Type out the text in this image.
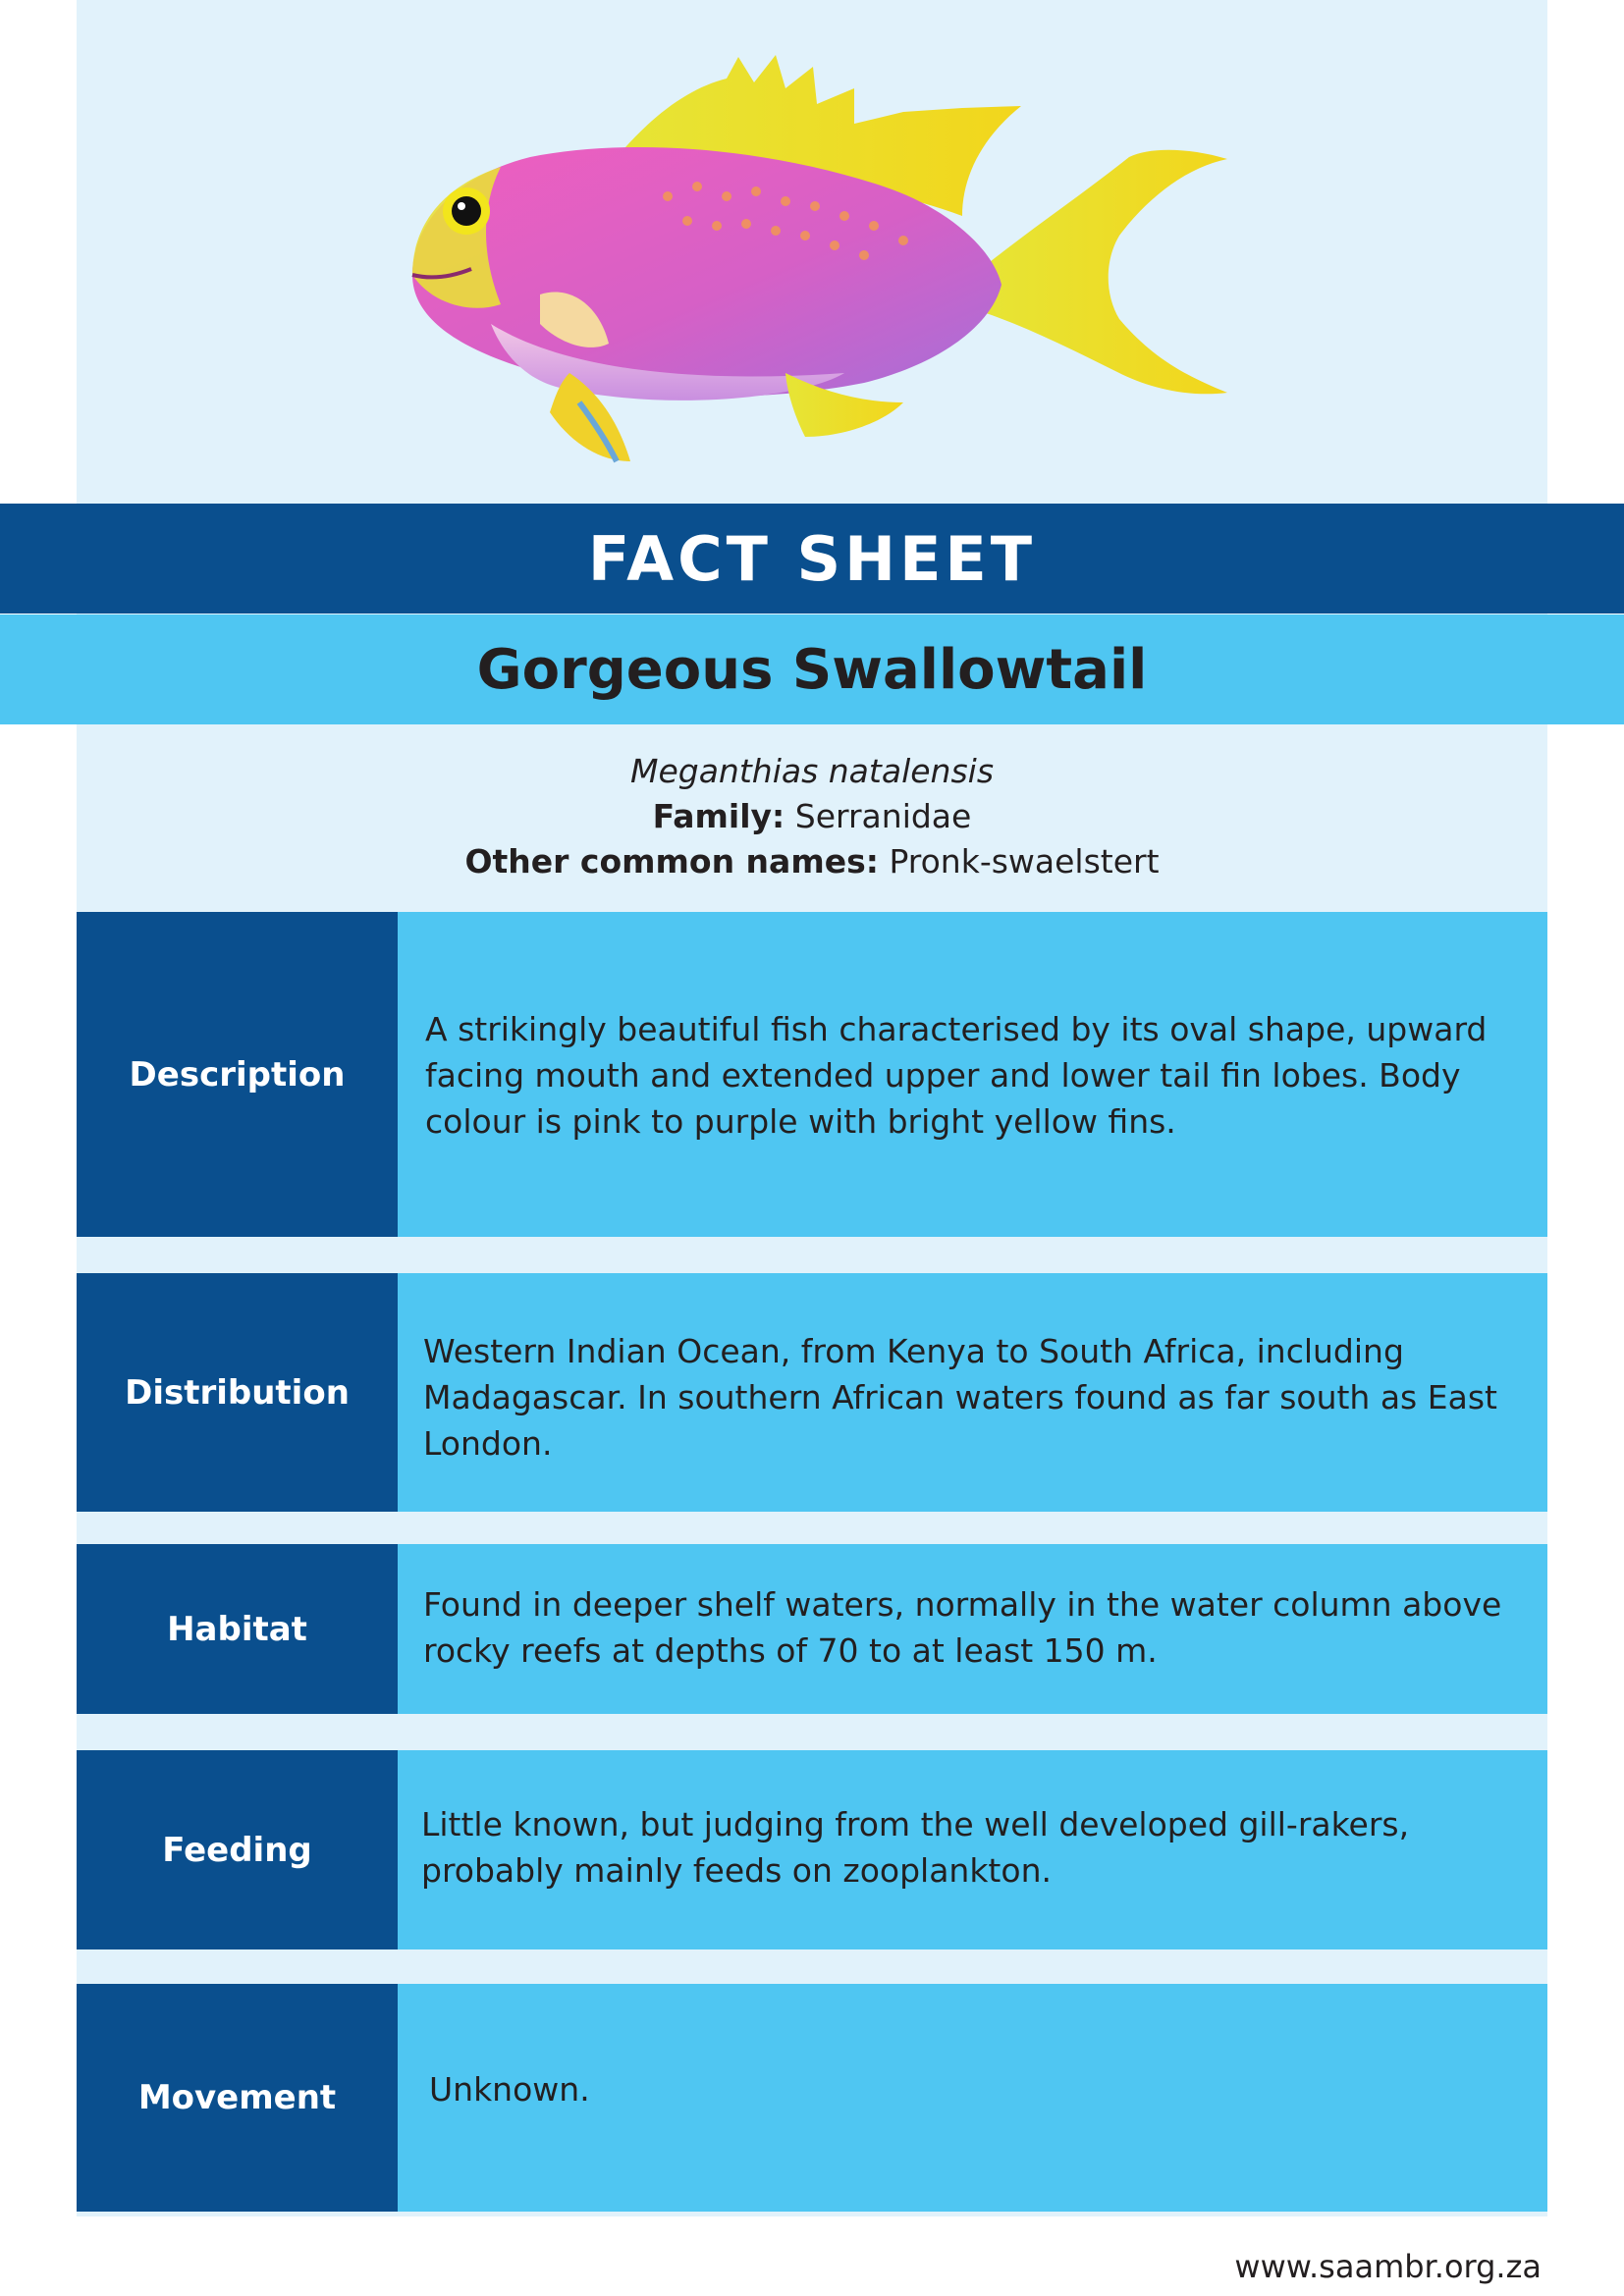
FACT SHEET
Gorgeous Swallowtail
Meganthias natalensis
Family: Serranidae
Other common names: Pronk-swaelstert
Description
A strikingly beautiful fish characterised by its oval shape, upward facing mouth and extended upper and lower tail fin lobes. Body colour is pink to purple with bright yellow fins.
Distribution
Western Indian Ocean, from Kenya to South Africa, including Madagascar. In southern African waters found as far south as East London.
Habitat
Found in deeper shelf waters, normally in the water column above rocky reefs at depths of 70 to at least 150 m.
Feeding
Little known, but judging from the well developed gill-rakers, probably mainly feeds on zooplankton.
Movement	Unknown.
www.saambr.org.za
